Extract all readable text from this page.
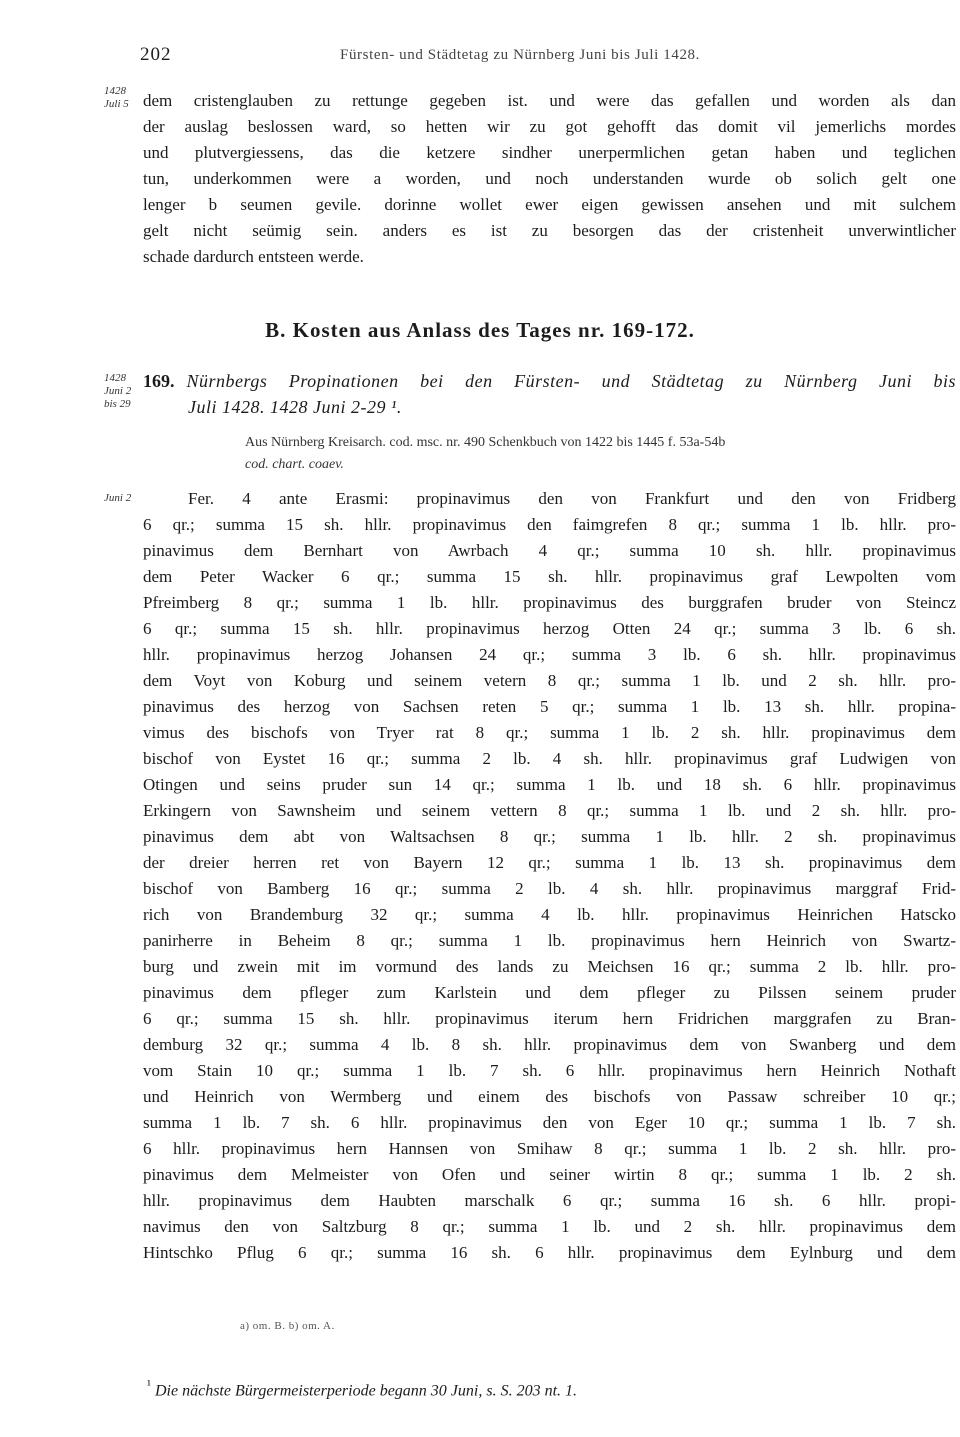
202	Fürsten- und Städtetag zu Nürnberg Juni bis Juli 1428.
1428
Juli 5 dem cristenglauben zu rettunge gegeben ist. und were das gefallen und worden als dan
der auslag beslossen ward, so hetten wir zu got gehofft das domit vil jemerlichs mordes
und plutvergiessens, das die ketzere sindher unerpermlichen getan haben und teglichen
tun, underkommen were a worden, und noch understanden wurde ob solich gelt one
lenger b seumen gevile. dorinne wollet ewer eigen gewissen ansehen und mit sulchem
gelt nicht seümig sein. anders es ist zu besorgen das der cristenheit unverwintlicher
schade dardurch entsteen werde.
B. Kosten aus Anlass des Tages nr. 169-172.
1428
Juni 2
bis 29
169. Nürnbergs Propinationen bei den Fürsten- und Städtetag zu Nürnberg Juni bis
Juli 1428. 1428 Juni 2-29 ¹.
Aus Nürnberg Kreisarch. cod. msc. nr. 490 Schenkbuch von 1422 bis 1445 f. 53a-54b
cod. chart. coaev.
Juni 2	Fer. 4 ante Erasmi: propinavimus den von Frankfurt und den von Fridberg
6 qr.; summa 15 sh. hllr. propinavimus den faimgrefen 8 qr.; summa 1 lb. hllr. pro-
pinavimus dem Bernhart von Awrbach 4 qr.; summa 10 sh. hllr. propinavimus
dem Peter Wacker 6 qr.; summa 15 sh. hllr. propinavimus graf Lewpolten vom
Pfreimberg 8 qr.; summa 1 lb. hllr. propinavimus des burggrafen bruder von Steincz
6 qr.; summa 15 sh. hllr. propinavimus herzog Otten 24 qr.; summa 3 lb. 6 sh.
hllr. propinavimus herzog Johansen 24 qr.; summa 3 lb. 6 sh. hllr. propinavimus
dem Voyt von Koburg und seinem vetern 8 qr.; summa 1 lb. und 2 sh. hllr. pro-
pinavimus des herzog von Sachsen reten 5 qr.; summa 1 lb. 13 sh. hllr. propina-
vimus des bischofs von Tryer rat 8 qr.; summa 1 lb. 2 sh. hllr. propinavimus dem
bischof von Eystet 16 qr.; summa 2 lb. 4 sh. hllr. propinavimus graf Ludwigen von
Otingen und seins pruder sun 14 qr.; summa 1 lb. und 18 sh. 6 hllr. propinavimus
Erkingern von Sawnsheim und seinem vettern 8 qr.; summa 1 lb. und 2 sh. hllr. pro-
pinavimus dem abt von Waltsachsen 8 qr.; summa 1 lb. hllr. 2 sh. propinavimus
der dreier herren ret von Bayern 12 qr.; summa 1 lb. 13 sh. propinavimus dem
bischof von Bamberg 16 qr.; summa 2 lb. 4 sh. hllr. propinavimus marggraf Frid-
rich von Brandemburg 32 qr.; summa 4 lb. hllr. propinavimus Heinrichen Hatscko
panirherre in Beheim 8 qr.; summa 1 lb. propinavimus hern Heinrich von Swartz-
burg und zwein mit im vormund des lands zu Meichsen 16 qr.; summa 2 lb. hllr. pro-
pinavimus dem pfleger zum Karlstein und dem pfleger zu Pilssen seinem pruder
6 qr.; summa 15 sh. hllr. propinavimus iterum hern Fridrichen marggrafen zu Bran-
demburg 32 qr.; summa 4 lb. 8 sh. hllr. propinavimus dem von Swanberg und dem
vom Stain 10 qr.; summa 1 lb. 7 sh. 6 hllr. propinavimus hern Heinrich Nothaft
und Heinrich von Wermberg und einem des bischofs von Passaw schreiber 10 qr.;
summa 1 lb. 7 sh. 6 hllr. propinavimus den von Eger 10 qr.; summa 1 lb. 7 sh.
6 hllr. propinavimus hern Hannsen von Smihaw 8 qr.; summa 1 lb. 2 sh. hllr. pro-
pinavimus dem Melmeister von Ofen und seiner wirtin 8 qr.; summa 1 lb. 2 sh.
hllr. propinavimus dem Haubten marschalk 6 qr.; summa 16 sh. 6 hllr. propi-
navimus den von Saltzburg 8 qr.; summa 1 lb. und 2 sh. hllr. propinavimus dem
Hintschko Pflug 6 qr.; summa 16 sh. 6 hllr. propinavimus dem Eylnburg und dem
a) om. B. b) om. A.
$^{^1}$ Die nächste Bürgermeisterperiode begann 30 Juni, s. S. 203 nt. 1.
